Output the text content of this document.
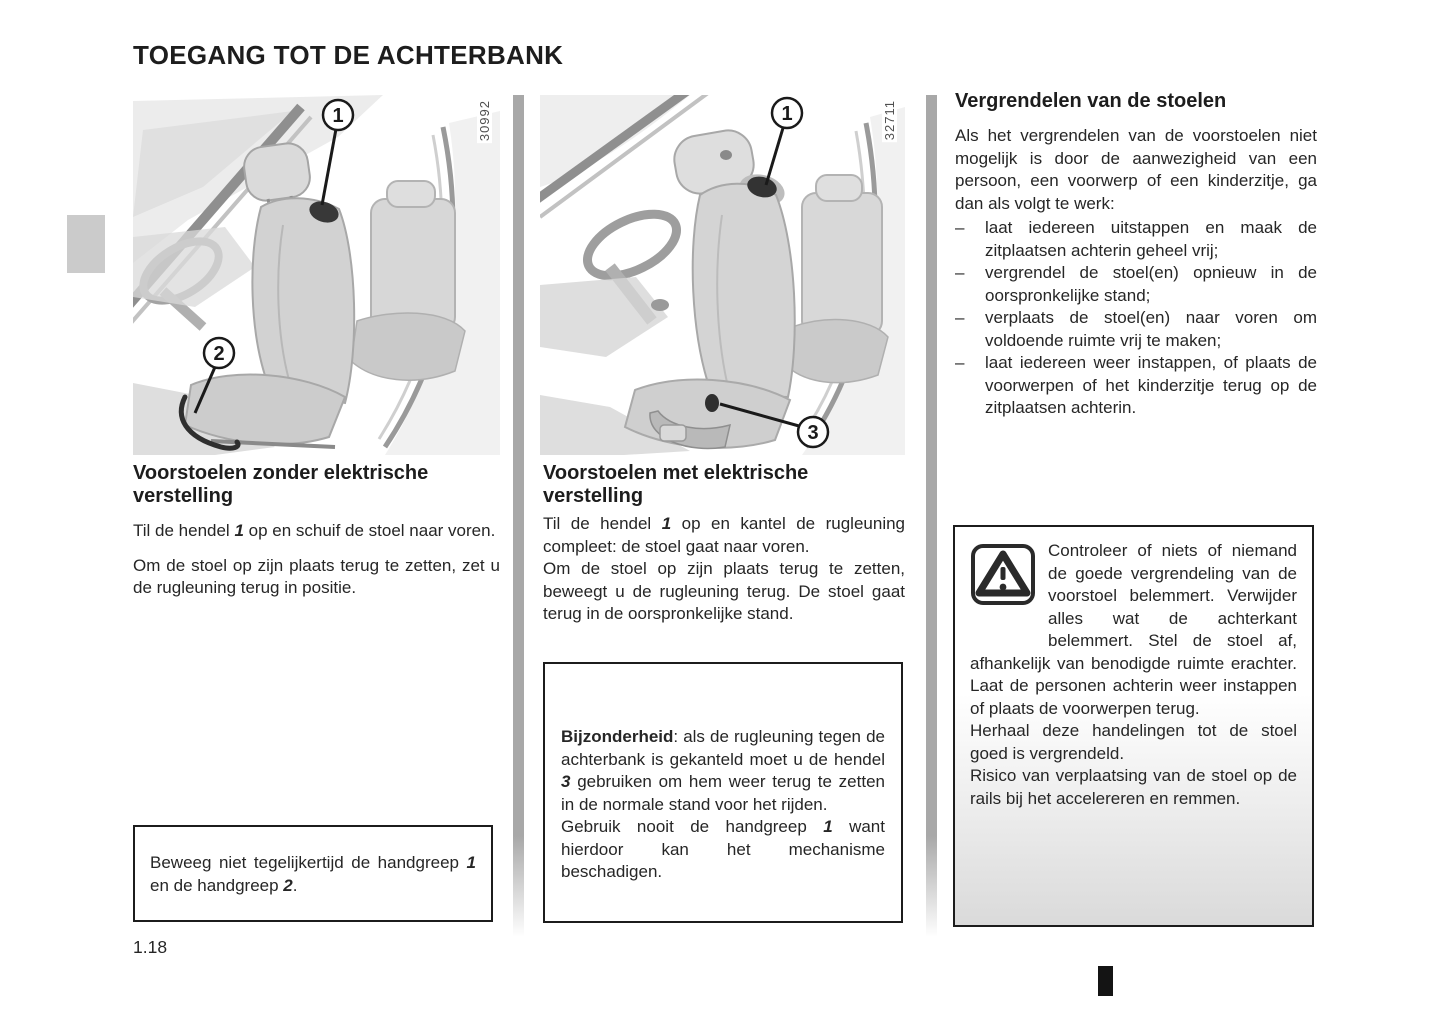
TOEGANG TOT DE ACHTERBANK
1
2
30992	1
3
32711
Voorstoelen zonder elektrische verstelling

Til de hendel 1 op en schuif de stoel naar voren.

Om de stoel op zijn plaats terug te zetten, zet u de rugleuning terug in positie.

Voorstoelen met elektrische verstelling

Til de hendel 1 op en kantel de rugleuning compleet: de stoel gaat naar voren.

Om de stoel op zijn plaats terug te zetten, beweegt u de rugleuning terug. De stoel gaat terug in de oorspronkelijke stand.

Vergrendelen van de stoelen

Als het vergrendelen van de voorstoelen niet mogelijk is door de aanwezigheid van een persoon, een voorwerp of een kinderzitje, ga dan als volgt te werk:

–	laat iedereen uitstappen en maak de zitplaatsen achterin geheel vrij;
–	vergrendel de stoel(en) opnieuw in de oorspronkelijke stand;
–	verplaats de stoel(en) naar voren om voldoende ruimte vrij te maken;
–	laat iedereen weer instappen, of plaats de voorwerpen of het kinderzitje terug op de zitplaatsen achterin.

Beweeg niet tegelijkertijd de handgreep 1 en de handgreep 2.

Bijzonderheid: als de rugleuning tegen de achterbank is gekanteld moet u de hendel 3 gebruiken om hem weer terug te zetten in de normale stand voor het rijden.

Gebruik nooit de handgreep 1 want hierdoor kan het mechanisme beschadigen.

Controleer of niets of niemand de goede vergrendeling van de voorstoel belemmert. Verwijder alles wat de achterkant belemmert. Stel de stoel af, afhankelijk van benodigde ruimte erachter. Laat de personen achterin weer instappen of plaats de voorwerpen terug.

Herhaal deze handelingen tot de stoel goed is vergrendeld.

Risico van verplaatsing van de stoel op de rails bij het accelereren en remmen.

1.18
